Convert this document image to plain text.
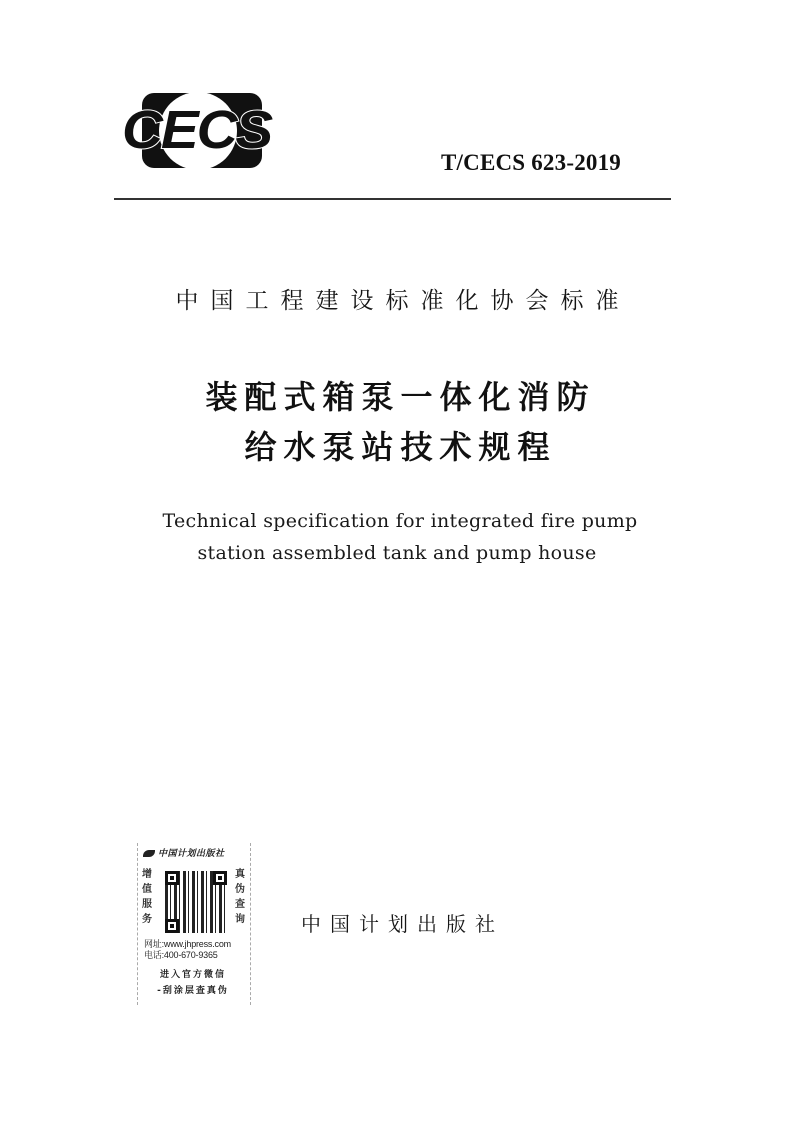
CECS
T/CECS 623-2019
中国工程建设标准化协会标准
装配式箱泵一体化消防
给水泵站技术规程
Technical specification for integrated fire pump
station assembled tank and pump house
中国计划出版社
增
值
服
务
真
伪
查
询
网址:www.jhpress.com
电话:400-670-9365
进入官方微信
-刮涂层查真伪
中国计划出版社
